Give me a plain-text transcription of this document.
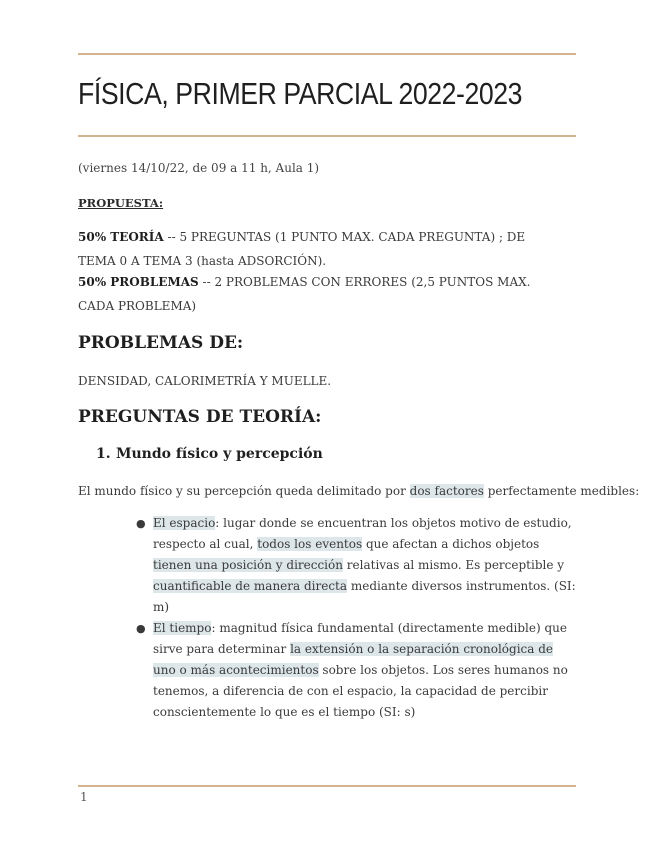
FÍSICA, PRIMER PARCIAL 2022-2023

(viernes 14/10/22, de 09 a 11 h, Aula 1)

PROPUESTA:

50% TEORÍA -- 5 PREGUNTAS (1 PUNTO MAX. CADA PREGUNTA) ; DE TEMA 0 A TEMA 3 (hasta ADSORCIÓN).

50% PROBLEMAS -- 2 PROBLEMAS CON ERRORES (2,5 PUNTOS MAX. CADA PROBLEMA)

PROBLEMAS DE:

DENSIDAD, CALORIMETRÍA Y MUELLE.

PREGUNTAS DE TEORÍA:
1. Mundo físico y percepción

El mundo físico y su percepción queda delimitado por dos factores perfectamente medibles:

● El espacio: lugar donde se encuentran los objetos motivo de estudio, respecto al cual, todos los eventos que afectan a dichos objetos tienen una posición y dirección relativas al mismo. Es perceptible y cuantificable de manera directa mediante diversos instrumentos. (SI: m)
● El tiempo: magnitud física fundamental (directamente medible) que sirve para determinar la extensión o la separación cronológica de uno o más acontecimientos sobre los objetos. Los seres humanos no tenemos, a diferencia de con el espacio, la capacidad de percibir conscientemente lo que es el tiempo (SI: s)
1
